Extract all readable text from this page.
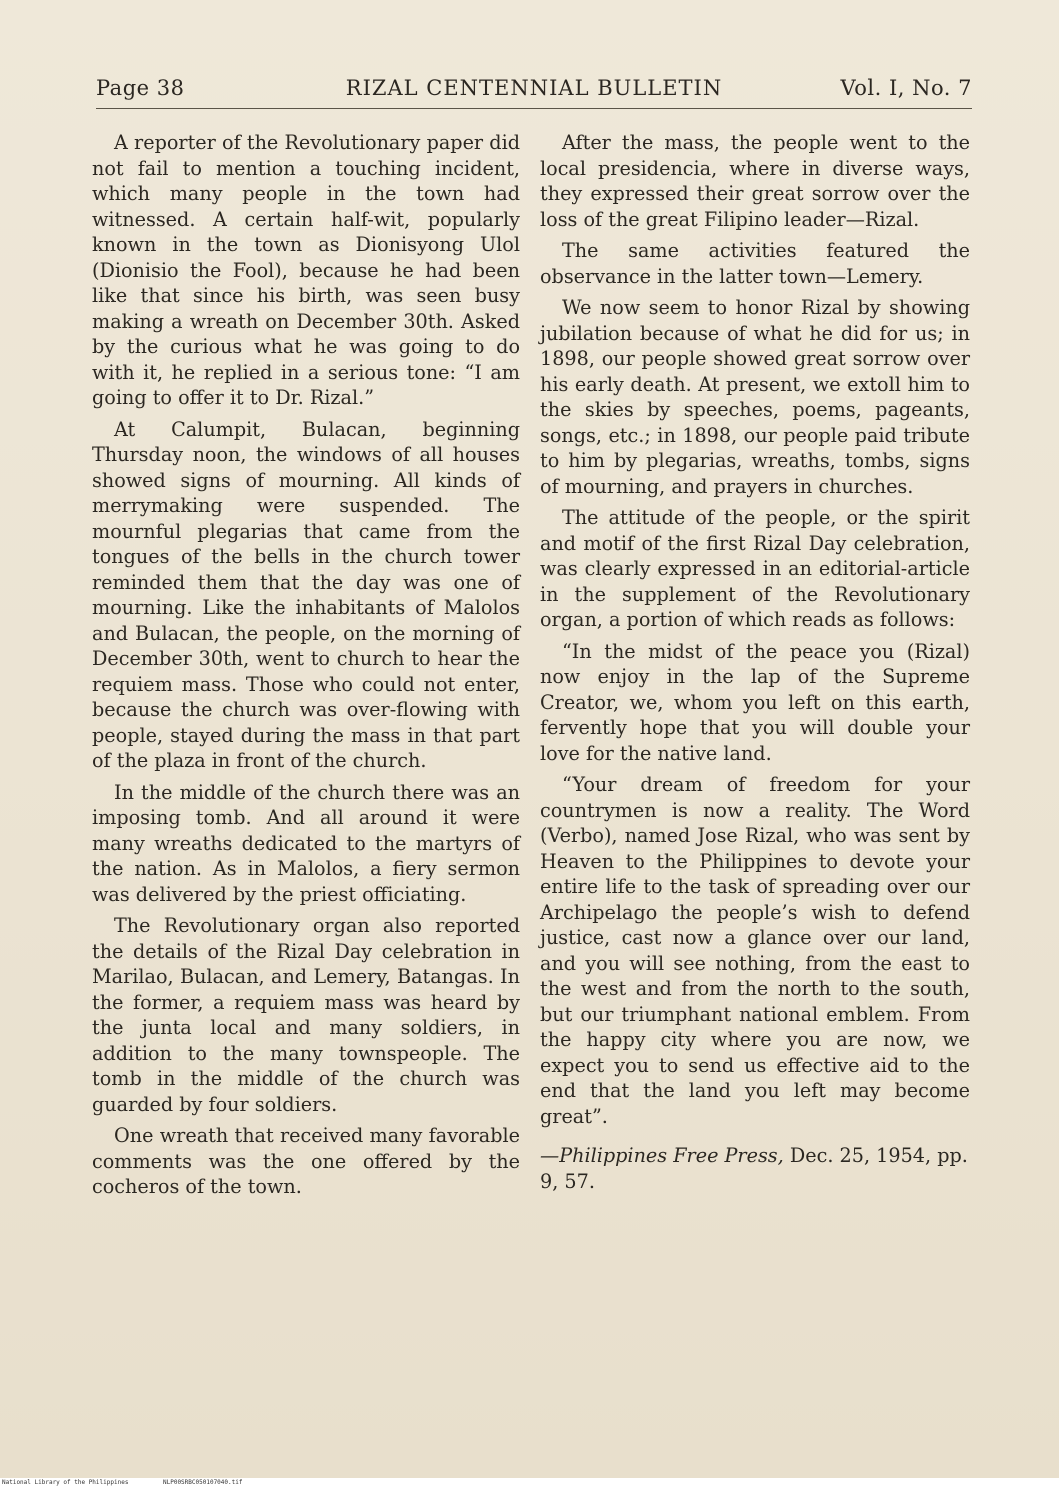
Page 38	RIZAL CENTENNIAL BULLETIN	Vol. I, No. 7

A reporter of the Revolutionary paper did not fail to mention a touching incident, which many people in the town had witnessed. A certain half-wit, popularly known in the town as Dionisyong Ulol (Dionisio the Fool), because he had been like that since his birth, was seen busy making a wreath on December 30th. Asked by the curious what he was going to do with it, he replied in a serious tone: “I am going to offer it to Dr. Rizal.”

At Calumpit, Bulacan, beginning Thursday noon, the windows of all houses showed signs of mourning. All kinds of merrymaking were suspended. The mournful plegarias that came from the tongues of the bells in the church tower reminded them that the day was one of mourning. Like the inhabitants of Malolos and Bulacan, the people, on the morning of December 30th, went to church to hear the requiem mass. Those who could not enter, because the church was over-flowing with people, stayed during the mass in that part of the plaza in front of the church.

In the middle of the church there was an imposing tomb. And all around it were many wreaths dedicated to the martyrs of the nation. As in Malolos, a fiery sermon was delivered by the priest officiating.

The Revolutionary organ also reported the details of the Rizal Day celebration in Marilao, Bulacan, and Lemery, Batangas. In the former, a requiem mass was heard by the junta local and many soldiers, in addition to the many townspeople. The tomb in the middle of the church was guarded by four soldiers.

One wreath that received many favorable comments was the one offered by the cocheros of the town.

After the mass, the people went to the local presidencia, where in diverse ways, they expressed their great sorrow over the loss of the great Filipino leader—Rizal.

The same activities featured the observance in the latter town—Lemery.

We now seem to honor Rizal by showing jubilation because of what he did for us; in 1898, our people showed great sorrow over his early death. At present, we extoll him to the skies by speeches, poems, pageants, songs, etc.; in 1898, our people paid tribute to him by plegarias, wreaths, tombs, signs of mourning, and prayers in churches.

The attitude of the people, or the spirit and motif of the first Rizal Day celebration, was clearly expressed in an editorial-article in the supplement of the Revolutionary organ, a portion of which reads as follows:

“In the midst of the peace you (Rizal) now enjoy in the lap of the Supreme Creator, we, whom you left on this earth, fervently hope that you will double your love for the native land.

“Your dream of freedom for your countrymen is now a reality. The Word (Verbo), named Jose Rizal, who was sent by Heaven to the Philippines to devote your entire life to the task of spreading over our Archipelago the people’s wish to defend justice, cast now a glance over our land, and you will see nothing, from the east to the west and from the north to the south, but our triumphant national emblem. From the happy city where you are now, we expect you to send us effective aid to the end that the land you left may become great”.

—Philippines Free Press, Dec. 25, 1954, pp. 9, 57.

National Library of the Philippines	NLP00SRBC050107040.tif
